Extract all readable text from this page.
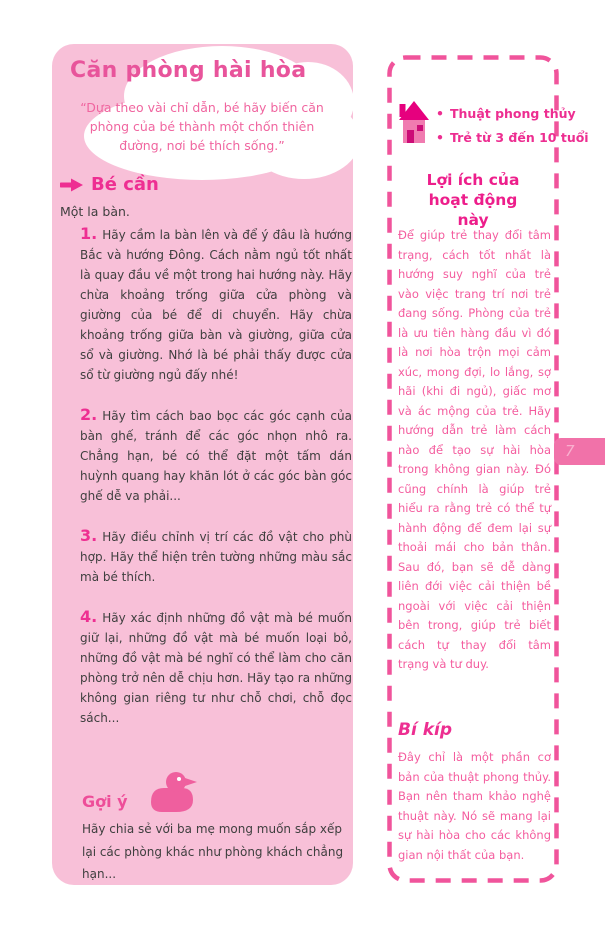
Căn phòng hài hòa
“Dựa theo vài chỉ dẫn, bé hãy biến căn phòng của bé thành một chốn thiên đường, nơi bé thích sống.”
Bé cần
Một la bàn.

1. Hãy cầm la bàn lên và để ý đâu là hướng Bắc và hướng Đông. Cách nằm ngủ tốt nhất là quay đầu về một trong hai hướng này. Hãy chừa khoảng trống giữa cửa phòng và giường của bé để di chuyển. Hãy chừa khoảng trống giữa bàn và giường, giữa cửa sổ và giường. Nhớ là bé phải thấy được cửa sổ từ giường ngủ đấy nhé!

2. Hãy tìm cách bao bọc các góc cạnh của bàn ghế, tránh để các góc nhọn nhô ra. Chẳng hạn, bé có thể đặt một tấm dán huỳnh quang hay khăn lót ở các góc bàn góc ghế dễ va phải...

3. Hãy điều chỉnh vị trí các đồ vật cho phù hợp. Hãy thể hiện trên tường những màu sắc mà bé thích.

4. Hãy xác định những đồ vật mà bé muốn giữ lại, những đồ vật mà bé muốn loại bỏ, những đồ vật mà bé nghĩ có thể làm cho căn phòng trở nên dễ chịu hơn. Hãy tạo ra những không gian riêng tư như chỗ chơi, chỗ đọc sách...

Gợi ý
Hãy chia sẻ với ba mẹ mong muốn sắp xếp lại các phòng khác như phòng khách chẳng hạn...
• Thuật phong thủy
• Trẻ từ 3 đến 10 tuổi
Lợi ích của hoạt động này
Để giúp trẻ thay đổi tâm trạng, cách tốt nhất là hướng suy nghĩ của trẻ vào việc trang trí nơi trẻ đang sống. Phòng của trẻ là ưu tiên hàng đầu vì đó là nơi hòa trộn mọi cảm xúc, mong đợi, lo lắng, sợ hãi (khi đi ngủ), giấc mơ và ác mộng của trẻ. Hãy hướng dẫn trẻ làm cách nào để tạo sự hài hòa trong không gian này. Đó cũng chính là giúp trẻ hiểu ra rằng trẻ có thể tự hành động để đem lại sự thoải mái cho bản thân. Sau đó, bạn sẽ dễ dàng liên đới việc cải thiện bề ngoài với việc cải thiện bên trong, giúp trẻ biết cách tự thay đổi tâm trạng và tư duy.
Bí kíp
Đây chỉ là một phần cơ bản của thuật phong thủy. Bạn nên tham khảo nghệ thuật này. Nó sẽ mang lại sự hài hòa cho các không gian nội thất của bạn.
7
